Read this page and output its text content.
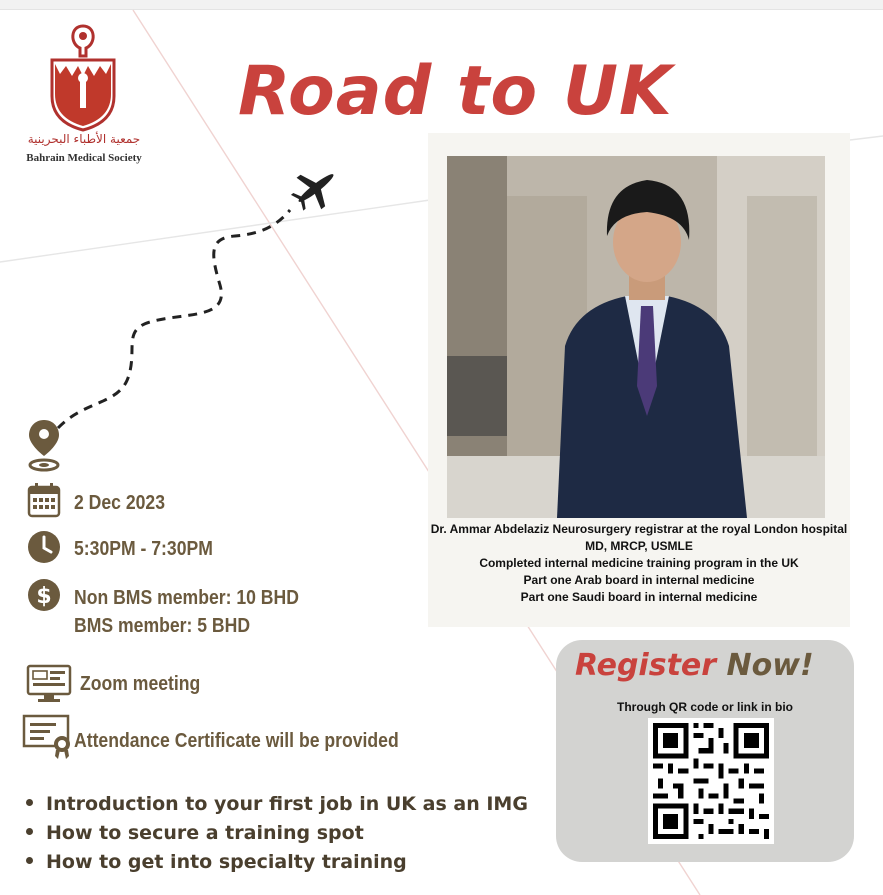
جمعية الأطباء البحرينية
Bahrain Medical Society
Road to UK
Dr. Ammar Abdelaziz Neurosurgery registrar at the royal London hospital
MD, MRCP, USMLE
Completed internal medicine training program in the UK
Part one Arab board in internal medicine
Part one Saudi board in internal medicine
2 Dec 2023
5:30PM - 7:30PM
$ Non BMS member: 10 BHD
BMS member: 5 BHD
Zoom meeting
Attendance Certificate will be provided
Register Now!
Through QR code or link in bio
Introduction to your first job in UK as an IMG
How to secure a training spot
How to get into specialty training
